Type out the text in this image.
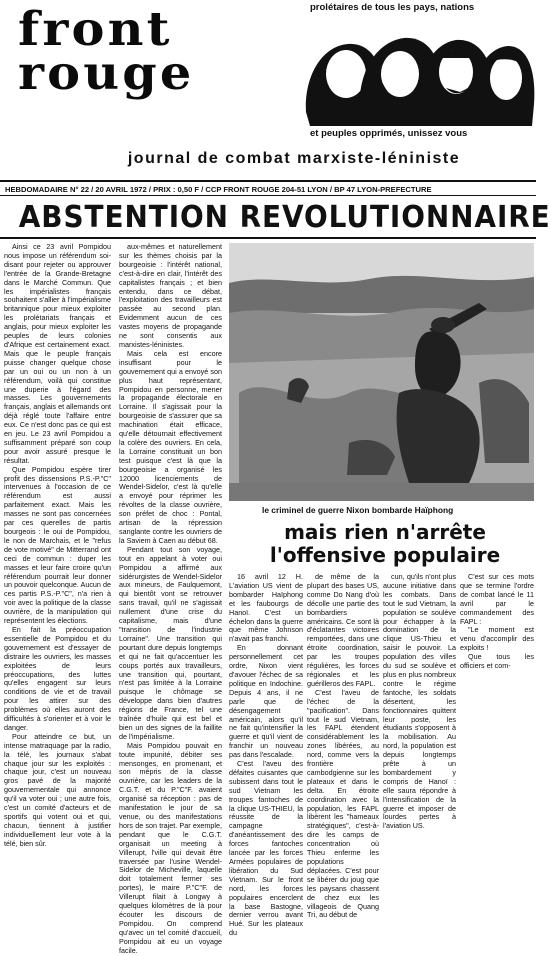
front
rouge
prolétaires de tous les pays, nations
et peuples opprimés, unissez vous
journal de combat marxiste-léniniste
HEBDOMADAIRE N° 22 / 20 AVRIL 1972 / PRIX : 0,50 F / CCP FRONT ROUGE 204-51 LYON / BP 47 LYON-PREFECTURE
ABSTENTION REVOLUTIONNAIRE

Ainsi ce 23 avril Pompidou nous impose un référendum soi-disant pour rejeter ou approuver l'entrée de la Grande-Bretagne dans le Marché Commun. Que les impérialistes français souhaitent s'allier à l'impérialisme britannique pour mieux exploiter les prolétariats français et anglais, pour mieux exploiter les peuples de leurs colonies d'Afrique est certainement exact. Mais que le peuple français puisse changer quelque chose par un oui ou un non à un référendum, voilà qui constitue une duperie à l'égard des masses. Les gouvernements français, anglais et allemands ont déjà réglé toute l'affaire entre eux. Ce n'est donc pas ce qui est en jeu. Le 23 avril Pompidou a suffisamment préparé son coup pour avoir assuré presque le résultat.

Que Pompidou espère tirer profit des dissensions P.S.-P."C" intervenues à l'occasion de ce référendum est aussi parfaitement exact. Mais les masses ne sont pas concernées par ces querelles de partis bourgeois : le oui de Pompidou, le non de Marchais, et le "refus de vote motivé" de Mitterrand ont ceci de commun : duper les masses et leur faire croire qu'un référendum pourrait leur donner un pouvoir quelconque. Aucun de ces partis P.S.-P."C", n'a rien à voir avec la politique de la classe ouvrière, de la manipulation qui représentent les élections.

En fait la préoccupation essentielle de Pompidou et du gouvernement est d'essayer de distraire les ouvriers, les masses exploitées de leurs préoccupations, des luttes qu'elles engagent sur leurs conditions de vie et de travail pour les attirer sur des problèmes où elles auront des difficultés à s'orienter et à voir le danger.

Pour atteindre ce but, un intense matraquage par la radio, la télé, les journaux s'abat chaque jour sur les exploités : chaque jour, c'est un nouveau gros pavé de la majorité gouvernementale qui annonce qu'il va voter oui ; une autre fois, c'est un comité d'acteurs et de sportifs qui votent oui et qui, chacun, tiennent à justifier individuellement leur vote à la télé, bien sûr.

aux-mêmes et naturellement sur les thèmes choisis par la bourgeoisie : l'intérêt national, c'est-à-dire en clair, l'intérêt des capitalistes français ; et bien entendu, dans ce débat, l'exploitation des travailleurs est passée au second plan. Evidemment aucun de ces vastes moyens de propagande ne sont consentis aux marxistes-léninistes.

Mais cela est encore insuffisant pour le gouvernement qui a envoyé son plus haut représentant, Pompidou en personne, mener la propagande électorale en Lorraine. Il s'agissait pour la bourgeoisie de s'assurer que sa machination était efficace, qu'elle détournait effectivement la colère des ouvriers. En cela, la Lorraine constituait un bon test puisque c'est là que la bourgeoisie a organisé les 12000 licenciements de Wendel-Sidelor, c'est là qu'elle a envoyé pour réprimer les révoltes de la classe ouvrière, son préfet de choc : Pontal, artisan de la répression sanglante contre les ouvriers de la Saviem à Caen au début 68.

Pendant tout son voyage, tout en appelant à voter oui Pompidou a affirmé aux sidérurgistes de Wendel-Sidelor aux mineurs, de Faulquemont, qui bientôt vont se retrouver sans travail, qu'il ne s'agissait nullement d'une crise du capitalisme, mais d'une "transition de l'industrie Lorraine". Une transition qui pourtant dure depuis longtemps et qui ne fait qu'accentuer les coups portés aux travailleurs, une transition qui, pourtant, n'est pas limitée à la Lorraine puisque le chômage se développe dans bien d'autres régions de France, tel une traînée d'huile qui est bel et bien un des signes de la faillite de l'impérialisme.

Mais Pompidou pouvait en toute impunité, débiter ses mensonges, en promenant, et son mépris de la classe ouvrière, car les leaders de la C.G.T. et du P."C"F. avaient organisé sa réception : pas de manifestation le jour de sa venue, ou des manifestations hors de son trajet. Par exemple, pendant que le C.G.T. organisait un meeting à Villerupt, l'ville qui devait être traversée par l'usine Wendel-Sidelor de Micheville, laquelle doit totalement fermer ses portes), le maire P."C"F. de Villerupt filait à Longwy à quelques kilomètres de là pour écouter les discours de Pompidou. On comprend qu'avec un tel comité d'accueil, Pompidou ait eu un voyage facile.

le criminel de guerre Nixon bombarde Haïphong
mais rien n'arrête
l'offensive populaire

16 avril 12 H. L'aviation US vient de bombarder Haïphong et les faubourgs de Hanoï. C'est un échelon dans la guerre que même Johnson n'avait pas franchi.

En donnant personnellement cet ordre, Nixon vient d'avouer l'échec de sa politique en Indochine. Depuis 4 ans, il ne parle que de désengagement américain, alors qu'il ne fait qu'intensifier la guerre et qu'il vient de franchir un nouveau pas dans l'escalade.

C'est l'aveu des défaites cuisantes que subissent dans tout le sud Vietnam les troupes fantoches de la clique US-THIEU, la réussite de la campagne d'anéantissement des forces fantoches lancée par les forces Armées populaires de libération du Sud Vietnam. Sur le front nord, les forces populaires encerclent la base Bastogne, dernier verrou avant Hué. Sur les plateaux du

de même de la plupart des bases US, comme Do Nang d'où décolle une partie des bombardiers américains. Ce sont là d'éclatantes victoires remportées, dans une étroite coordination, par les troupes régulières, les forces régionales et les guérilleros des FAPL.

C'est l'aveu de l'échec de la "pacification". Dans tout le sud Vietnam, les FAPL étendent considérablement les zones libérées, au nord, comme vers la frontière cambodgienne sur les plateaux et dans le delta. En étroite coordination avec la population, les FAPL libèrent les "hameaux stratégiques", c'est-à-dire les camps de concentration où Thieu enferme les populations déplacées. C'est pour se libérer du joug que les paysans chassent de chez eux les villageois de Quang Tri, au début de

cun, qu'ils n'ont plus aucune initiative dans les combats. Dans tout le sud Vietnam, la population se soulève pour échapper à la domination de la clique US-Thieu et saisir le pouvoir. La population des villes du sud se soulève et plus en plus nombreux contre le régime fantoche, les soldats désertent, les fonctionnaires quittent leur poste, les étudiants s'opposent à la mobilisation. Au nord, la population est depuis longtemps prête à un bombardement y compris de Hanoï : elle saura répondre à l'intensification de la guerre et imposer de lourdes pertes à l'aviation US.

C'est sur ces mots que se termine l'ordre de combat lancé le 11 avril par le commandement des FAPL :

"Le moment est venu d'accomplir des exploits !

Que tous les officiers et com-
